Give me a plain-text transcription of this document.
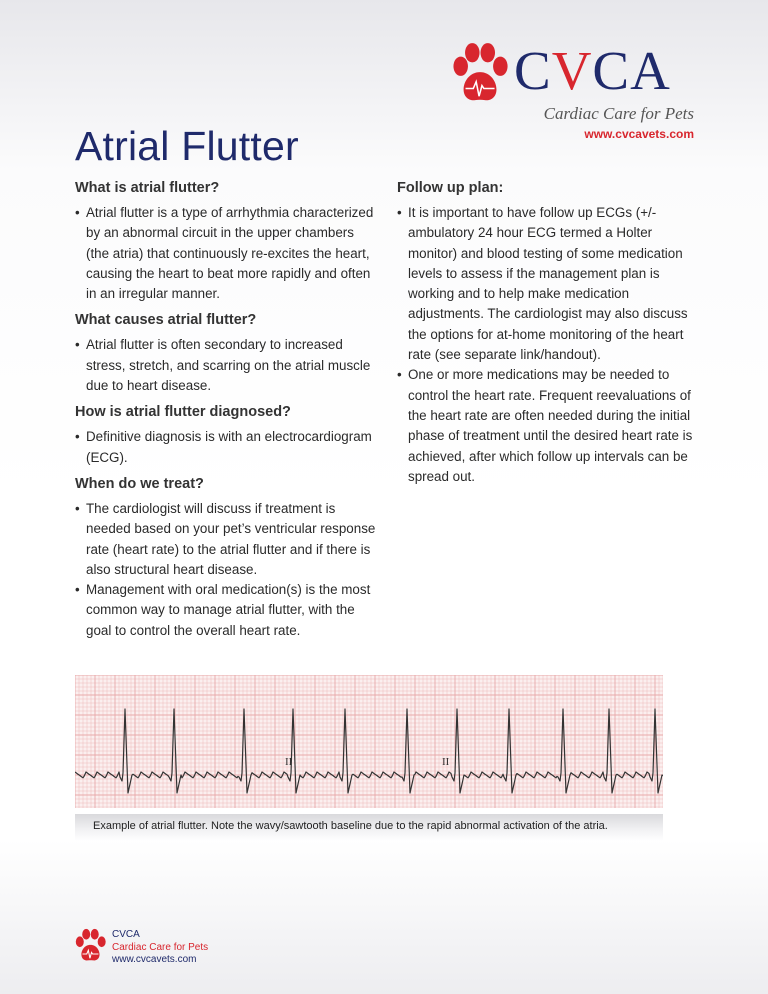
CVCA
Cardiac Care for Pets
www.cvcavets.com
Atrial Flutter
What is atrial flutter?
• Atrial flutter is a type of arrhythmia characterized by an abnormal circuit in the upper chambers (the atria) that continuously re-excites the heart, causing the heart to beat more rapidly and often in an irregular manner.
What causes atrial flutter?
• Atrial flutter is often secondary to increased stress, stretch, and scarring on the atrial muscle due to heart disease.
How is atrial flutter diagnosed?
• Definitive diagnosis is with an electrocardiogram (ECG).
When do we treat?
• The cardiologist will discuss if treatment is needed based on your pet’s ventricular response rate (heart rate) to the atrial flutter and if there is also structural heart disease.
• Management with oral medication(s) is the most common way to manage atrial flutter, with the goal to control the overall heart rate.
Follow up plan:
• It is important to have follow up ECGs (+/- ambulatory 24 hour ECG termed a Holter monitor) and blood testing of some medication levels to assess if the management plan is working and to help make medication adjustments. The cardiologist may also discuss the options for at-home monitoring of the heart rate (see separate link/handout).
• One or more medications may be needed to control the heart rate. Frequent reevaluations of the heart rate are often needed during the initial phase of treatment until the desired heart rate is achieved, after which follow up intervals can be spread out.
II	II
Example of atrial flutter. Note the wavy/sawtooth baseline due to the rapid abnormal activation of the atria.
CVCA
Cardiac Care for Pets
www.cvcavets.com
